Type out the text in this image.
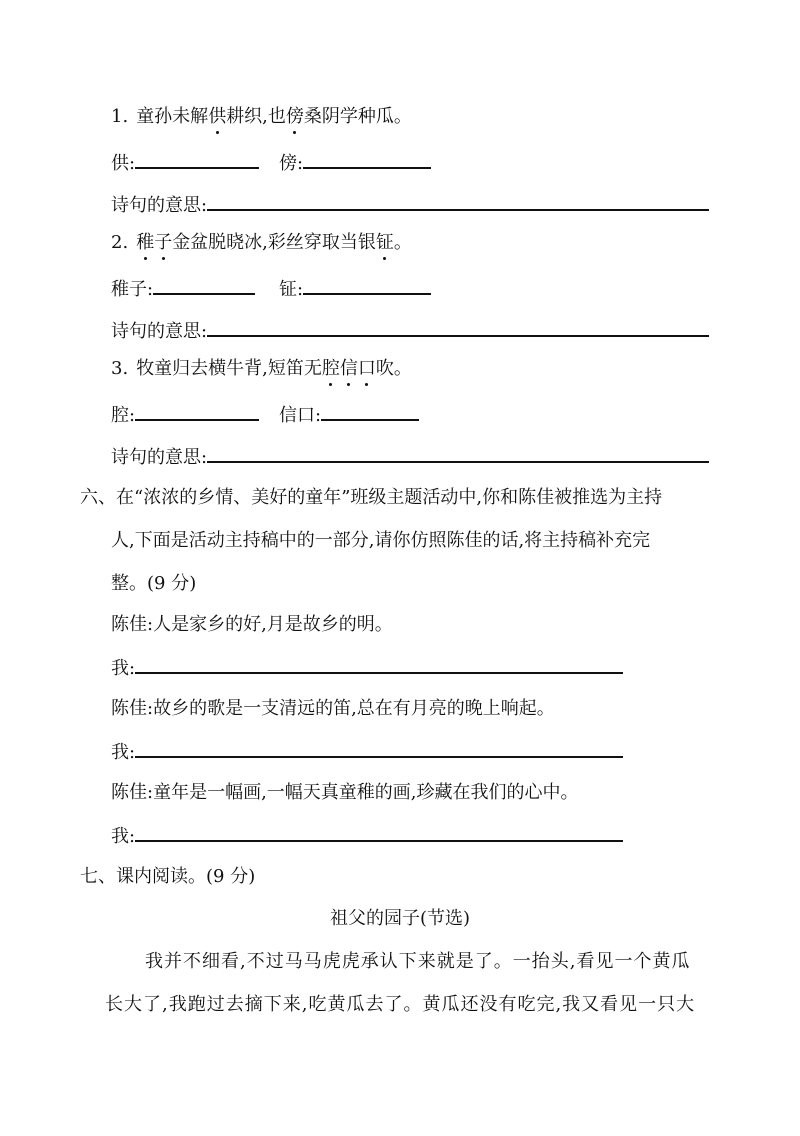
1. 童孙未解供耕织,也傍桑阴学种瓜。
供:	傍:
诗句的意思:
2. 稚子金盆脱晓冰,彩丝穿取当银钲。
稚子:	钲:
诗句的意思:
3. 牧童归去横牛背,短笛无腔信口吹。
腔:	信口:
诗句的意思:
六、在“浓浓的乡情、美好的童年”班级主题活动中,你和陈佳被推选为主持
人,下面是活动主持稿中的一部分,请你仿照陈佳的话,将主持稿补充完
整。(9 分)
陈佳:人是家乡的好,月是故乡的明。
我:
陈佳:故乡的歌是一支清远的笛,总在有月亮的晚上响起。
我:
陈佳:童年是一幅画,一幅天真童稚的画,珍藏在我们的心中。
我:
七、课内阅读。(9 分)
祖父的园子(节选)
我并不细看,不过马马虎虎承认下来就是了。一抬头,看见一个黄瓜
长大了,我跑过去摘下来,吃黄瓜去了。黄瓜还没有吃完,我又看见一只大
